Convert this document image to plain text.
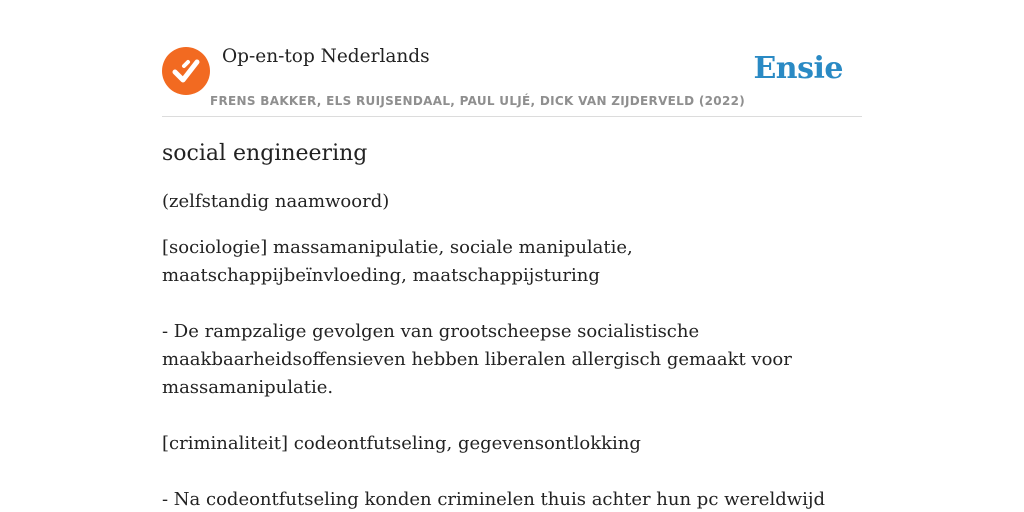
Op-en-top Nederlands
FRENS BAKKER, ELS RUIJSENDAAL, PAUL ULJÉ, DICK VAN ZIJDERVELD (2022)
Ensie
social engineering
(zelfstandig naamwoord)

[sociologie] massamanipulatie, sociale manipulatie, maatschappijbeïnvloeding, maatschappijsturing

- De rampzalige gevolgen van grootscheepse socialistische maakbaarheidsoffensieven hebben liberalen allergisch gemaakt voor massamanipulatie.

[criminaliteit] codeontfutseling, gegevensontlokking

- Na codeontfutseling konden criminelen thuis achter hun pc wereldwijd
